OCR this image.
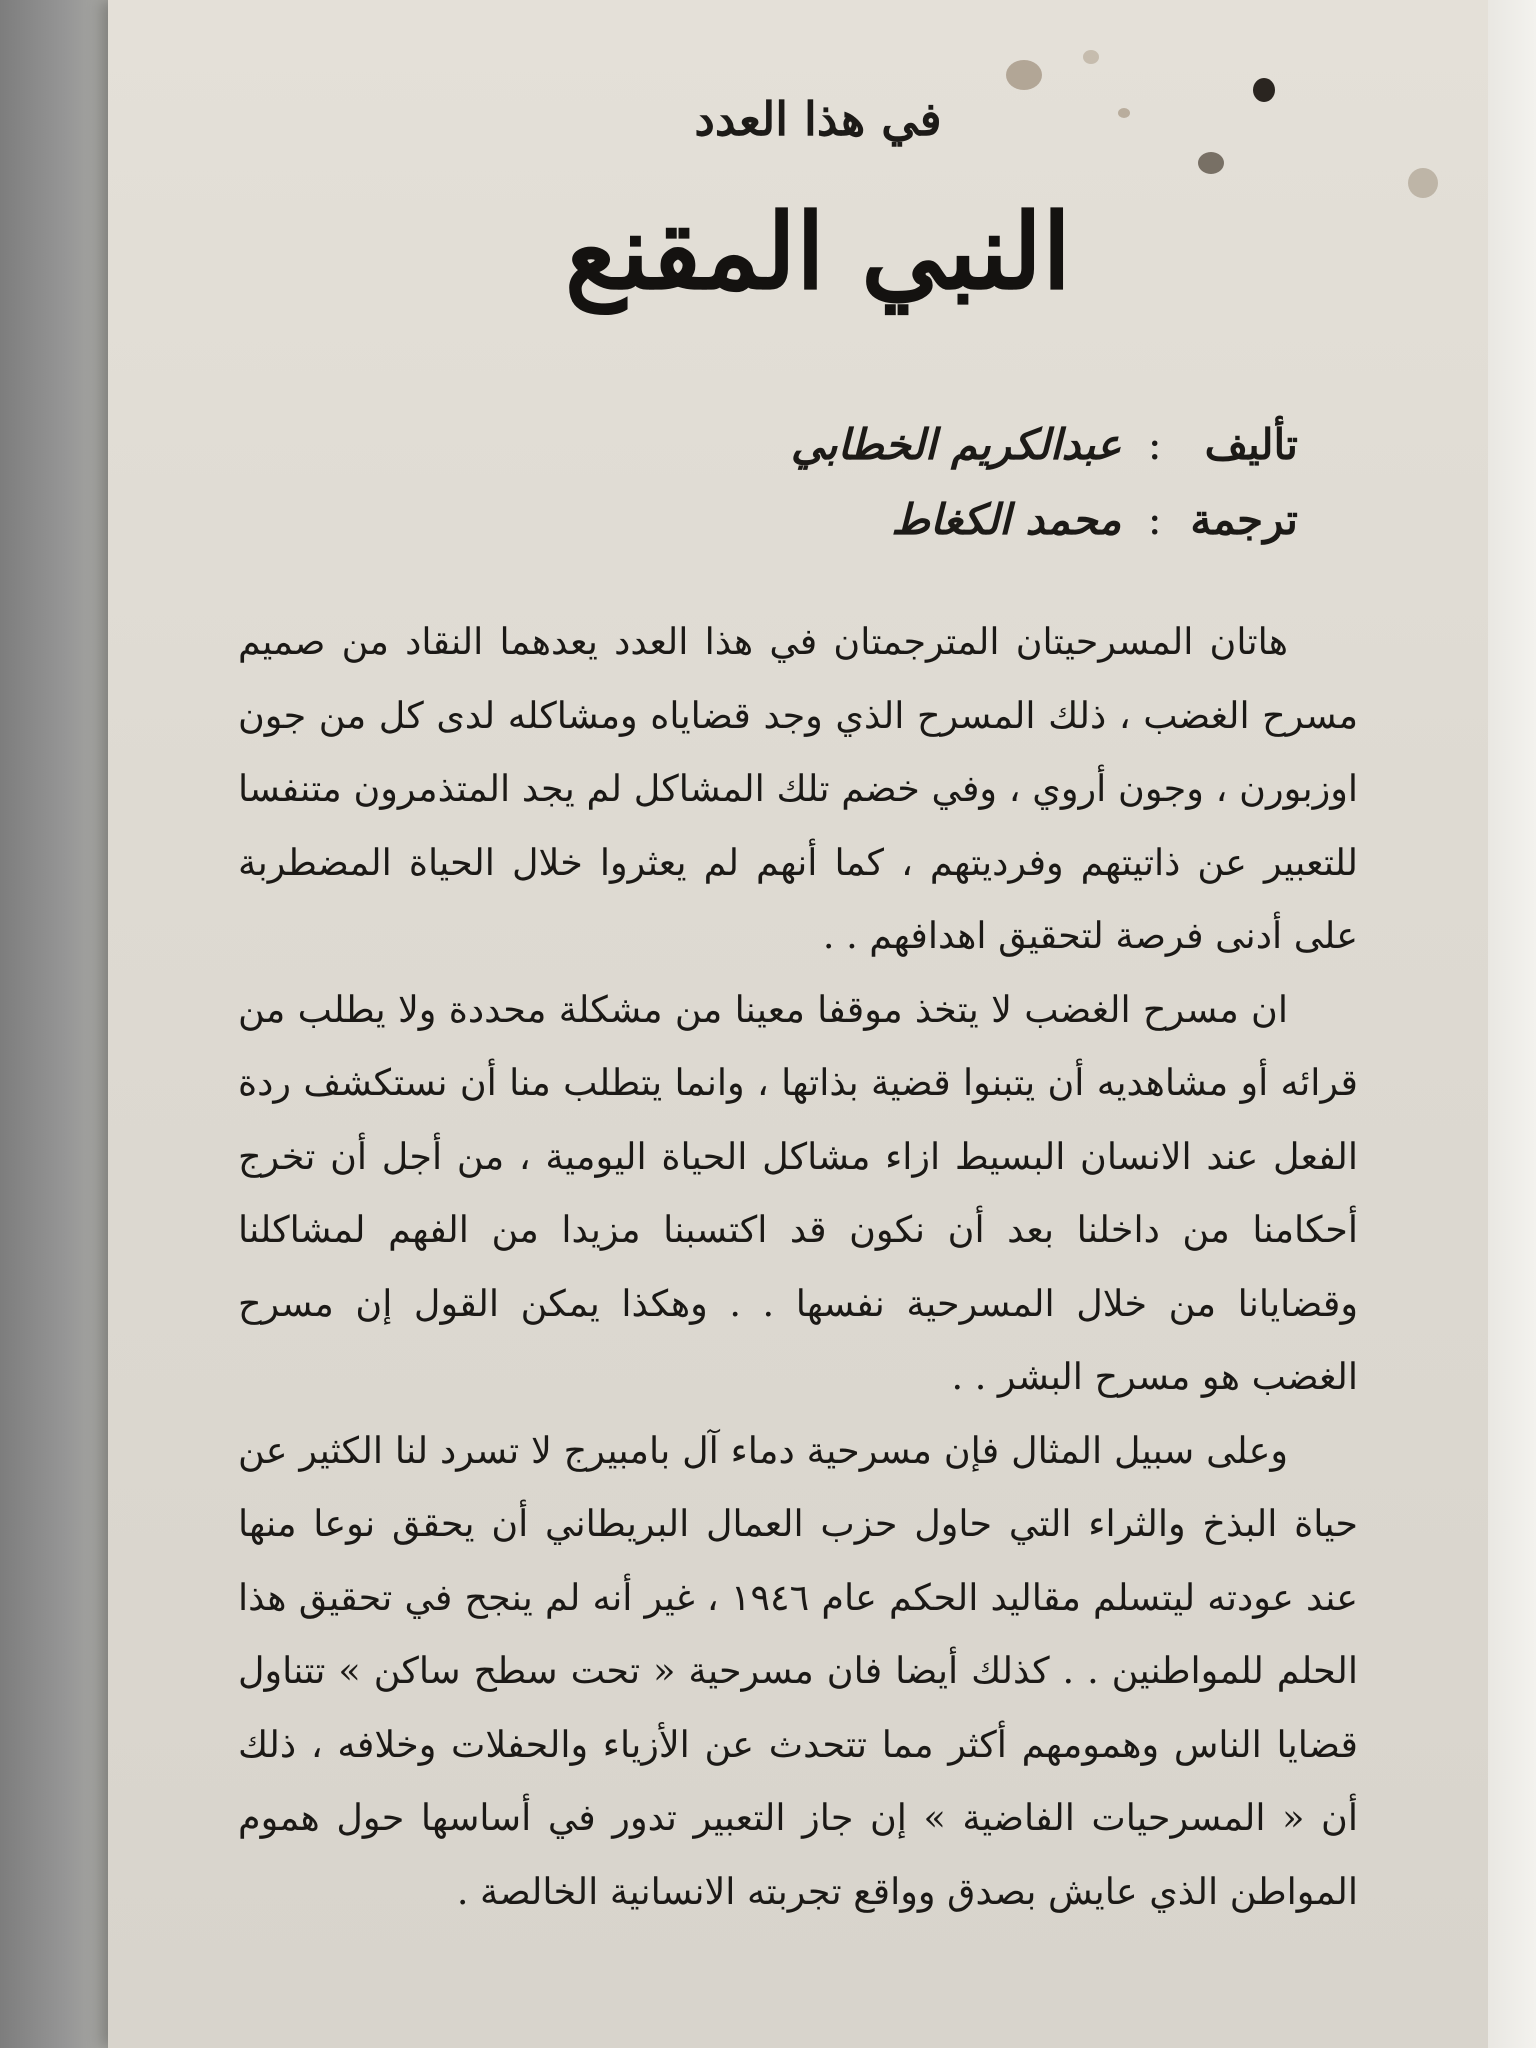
في هذا العدد
النبي المقنع
تأليف : عبدالكريم الخطابي
ترجمة : محمد الكغاط

هاتان المسرحيتان المترجمتان في هذا العدد يعدهما النقاد من صميم مسرح الغضب ، ذلك المسرح الذي وجد قضاياه ومشاكله لدى كل من جون اوزبورن ، وجون أروي ، وفي خضم تلك المشاكل لم يجد المتذمرون متنفسا للتعبير عن ذاتيتهم وفرديتهم ، كما أنهم لم يعثروا خلال الحياة المضطربة على أدنى فرصة لتحقيق اهدافهم . .

ان مسرح الغضب لا يتخذ موقفا معينا من مشكلة محددة ولا يطلب من قرائه أو مشاهديه أن يتبنوا قضية بذاتها ، وانما يتطلب منا أن نستكشف ردة الفعل عند الانسان البسيط ازاء مشاكل الحياة اليومية ، من أجل أن تخرج أحكامنا من داخلنا بعد أن نكون قد اكتسبنا مزيدا من الفهم لمشاكلنا وقضايانا من خلال المسرحية نفسها . . وهكذا يمكن القول إن مسرح الغضب هو مسرح البشر . .

وعلى سبيل المثال فإن مسرحية دماء آل بامبيرج لا تسرد لنا الكثير عن حياة البذخ والثراء التي حاول حزب العمال البريطاني أن يحقق نوعا منها عند عودته ليتسلم مقاليد الحكم عام ١٩٤٦ ، غير أنه لم ينجح في تحقيق هذا الحلم للمواطنين . . كذلك أيضا فان مسرحية « تحت سطح ساكن » تتناول قضايا الناس وهمومهم أكثر مما تتحدث عن الأزياء والحفلات وخلافه ، ذلك أن « المسرحيات الفاضية » إن جاز التعبير تدور في أساسها حول هموم المواطن الذي عايش بصدق وواقع تجربته الانسانية الخالصة .
